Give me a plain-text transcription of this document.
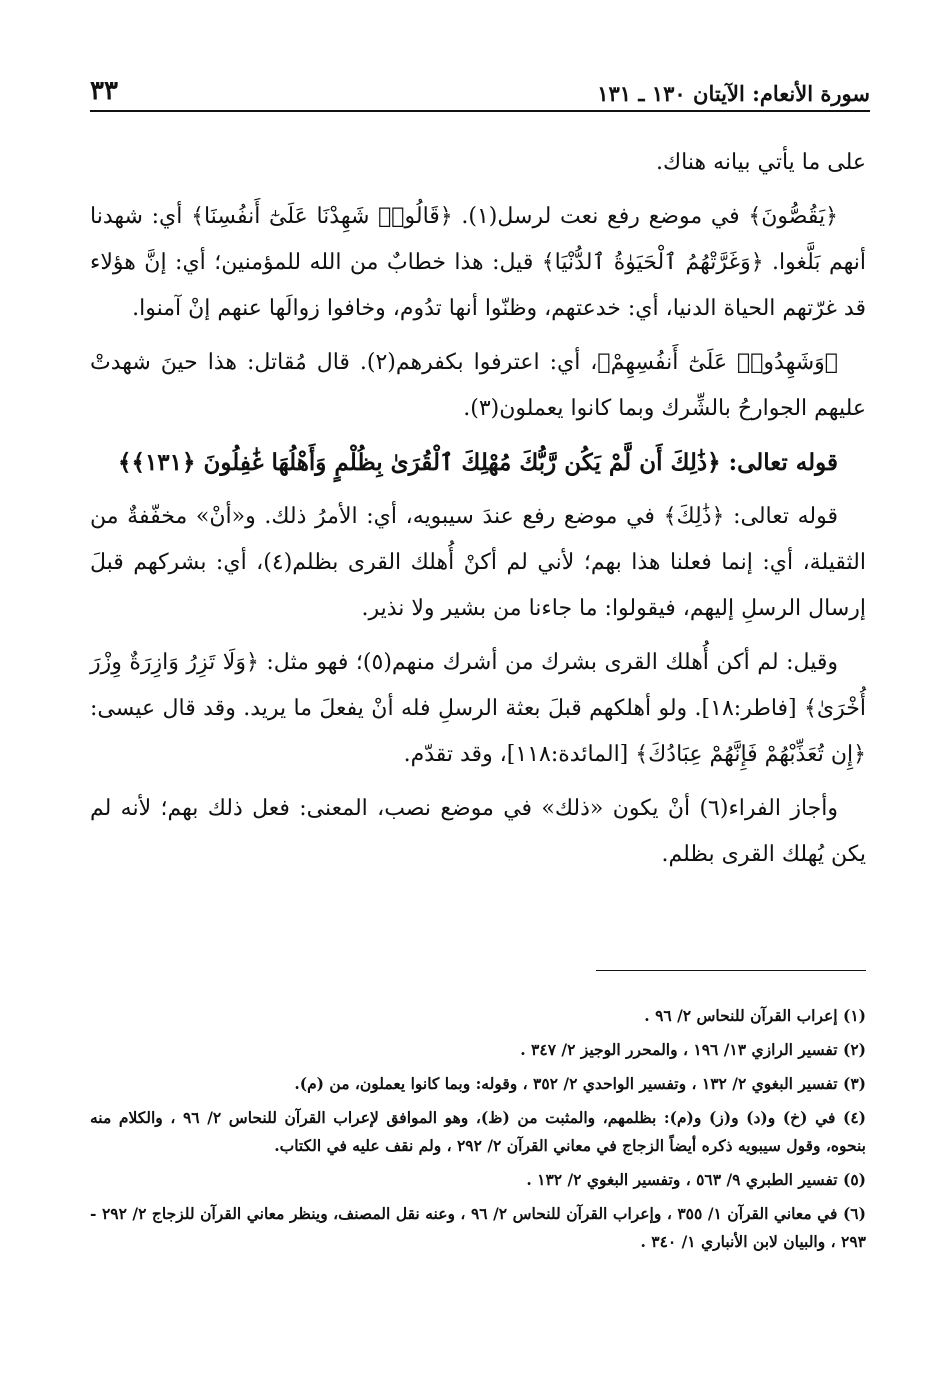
سورة الأنعام: الآيتان ١٣٠ ـ ١٣١
٣٣

على ما يأتي بيانه هناك.

﴿يَقُصُّونَ﴾ في موضع رفع نعت لرسل(١). ﴿قَالُوا۟ شَهِدْنَا عَلَىٰٓ أَنفُسِنَا﴾ أي: شهدنا أنهم بَلَّغوا. ﴿وَغَرَّتْهُمُ ٱلْحَيَوٰةُ ٱلدُّنْيَا﴾ قيل: هذا خطابٌ من الله للمؤمنين؛ أي: إنَّ هؤلاء قد غرّتهم الحياة الدنيا، أي: خدعتهم، وظنّوا أنها تدُوم، وخافوا زوالَها عنهم إنْ آمنوا.

﴿وَشَهِدُوا۟ عَلَىٰٓ أَنفُسِهِمْ﴾، أي: اعترفوا بكفرهم(٢). قال مُقاتل: هذا حينَ شهدتْ عليهم الجوارحُ بالشِّرك وبما كانوا يعملون(٣).

قوله تعالى: ﴿ذَٰلِكَ أَن لَّمْ يَكُن رَّبُّكَ مُهْلِكَ ٱلْقُرَىٰ بِظُلْمٍ وَأَهْلُهَا غَٰفِلُونَ ﴿١٣١﴾﴾

قوله تعالى: ﴿ذَٰلِكَ﴾ في موضع رفع عندَ سيبويه، أي: الأمرُ ذلك. و«أنْ» مخفّفةٌ من الثقيلة، أي: إنما فعلنا هذا بهم؛ لأني لم أكنْ أُهلك القرى بظلم(٤)، أي: بشركهم قبلَ إرسال الرسلِ إليهم، فيقولوا: ما جاءنا من بشير ولا نذير.

وقيل: لم أكن أُهلك القرى بشرك من أشرك منهم(٥)؛ فهو مثل: ﴿وَلَا تَزِرُ وَازِرَةٌ وِزْرَ أُخْرَىٰ﴾ [فاطر:١٨]. ولو أهلكهم قبلَ بعثة الرسلِ فله أنْ يفعلَ ما يريد. وقد قال عيسى: ﴿إِن تُعَذِّبْهُمْ فَإِنَّهُمْ عِبَادُكَ﴾ [المائدة:١١٨]، وقد تقدّم.

وأجاز الفراء(٦) أنْ يكون «ذلك» في موضع نصب، المعنى: فعل ذلك بهم؛ لأنه لم يكن يُهلك القرى بظلم.

(١) إعراب القرآن للنحاس ٢/ ٩٦ .

(٢) تفسير الرازي ١٣/ ١٩٦ ، والمحرر الوجيز ٢/ ٣٤٧ .

(٣) تفسير البغوي ٢/ ١٣٢ ، وتفسير الواحدي ٢/ ٣٥٢ ، وقوله: وبما كانوا يعملون، من (م).

(٤) في (خ) و(د) و(ز) و(م): بظلمهم، والمثبت من (ظ)، وهو الموافق لإعراب القرآن للنحاس ٢/ ٩٦ ، والكلام منه بنحوه، وقول سيبويه ذكره أيضاً الزجاج في معاني القرآن ٢/ ٢٩٢ ، ولم نقف عليه في الكتاب.

(٥) تفسير الطبري ٩/ ٥٦٣ ، وتفسير البغوي ٢/ ١٣٢ .

(٦) في معاني القرآن ١/ ٣٥٥ ، وإعراب القرآن للنحاس ٢/ ٩٦ ، وعنه نقل المصنف، وينظر معاني القرآن للزجاج ٢/ ٢٩٢ - ٢٩٣ ، والبيان لابن الأنباري ١/ ٣٤٠ .
